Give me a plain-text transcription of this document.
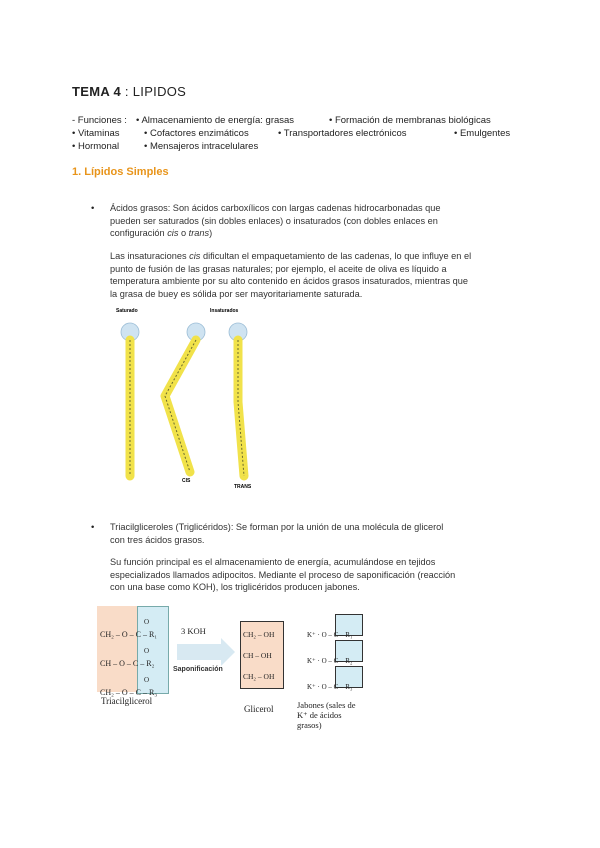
TEMA 4 : LIPIDOS
- Funciones : • Almacenamiento de energía: grasas	• Formación de membranas biológicas
• Vitaminas	• Cofactores enzimáticos	• Transportadores electrónicos	• Emulgentes
• Hormonal	• Mensajeros intracelulares
1. Lípidos Simples
• Ácidos grasos: Son ácidos carboxílicos con largas cadenas hidrocarbonadas que
pueden ser saturados (sin dobles enlaces) o insaturados (con dobles enlaces en
configuración cis o trans)
Las insaturaciones cis dificultan el empaquetamiento de las cadenas, lo que influye en el
punto de fusión de las grasas naturales; por ejemplo, el aceite de oliva es líquido a
temperatura ambiente por su alto contenido en ácidos grasos insaturados, mientras que
la grasa de buey es sólida por ser mayoritariamente saturada.
Saturado	Insaturados
CIS
TRANS
• Triacilgliceroles (Triglicéridos): Se forman por la unión de una molécula de glicerol
con tres ácidos grasos.
Su función principal es el almacenamiento de energía, acumulándose en tejidos
especializados llamados adipocitos. Mediante el proceso de saponificación (reacción
con una base como KOH), los triglicéridos producen jabones.
CH₂ – O – C – R₁
CH – O – C – R₂
CH₂ – O – C – R₃
O
O
O
Triacilglicerol
3 KOH
Saponificación
CH₂ – OH
CH – OH
CH₂ – OH
Glicerol
K⁺ · O – C – R₁
K⁺ · O – C – R₂
K⁺ · O – C – R₃
Jabones (sales de
K⁺ de ácidos
grasos)
